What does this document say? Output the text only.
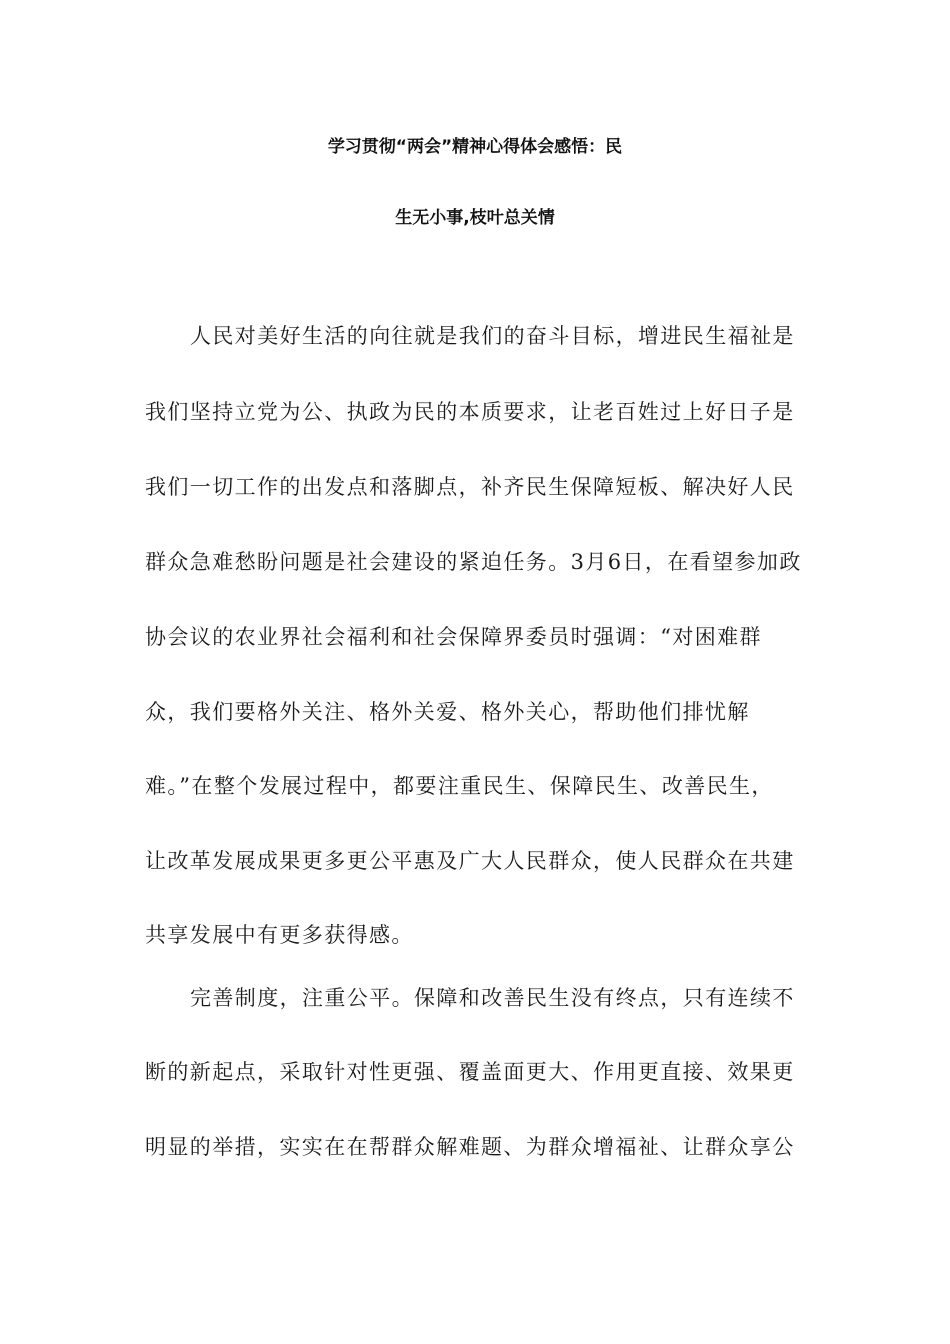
学习贯彻“两会”精神心得体会感悟：民
生无小事,枝叶总关情
人民对美好生活的向往就是我们的奋斗目标，增进民生福祉是
我们坚持立党为公、执政为民的本质要求，让老百姓过上好日子是
我们一切工作的出发点和落脚点，补齐民生保障短板、解决好人民
群众急难愁盼问题是社会建设的紧迫任务。3月6日，在看望参加政
协会议的农业界社会福利和社会保障界委员时强调：“对困难群
众，我们要格外关注、格外关爱、格外关心，帮助他们排忧解
难。”在整个发展过程中，都要注重民生、保障民生、改善民生，
让改革发展成果更多更公平惠及广大人民群众，使人民群众在共建
共享发展中有更多获得感。
完善制度，注重公平。保障和改善民生没有终点，只有连续不
断的新起点，采取针对性更强、覆盖面更大、作用更直接、效果更
明显的举措，实实在在帮群众解难题、为群众增福祉、让群众享公
